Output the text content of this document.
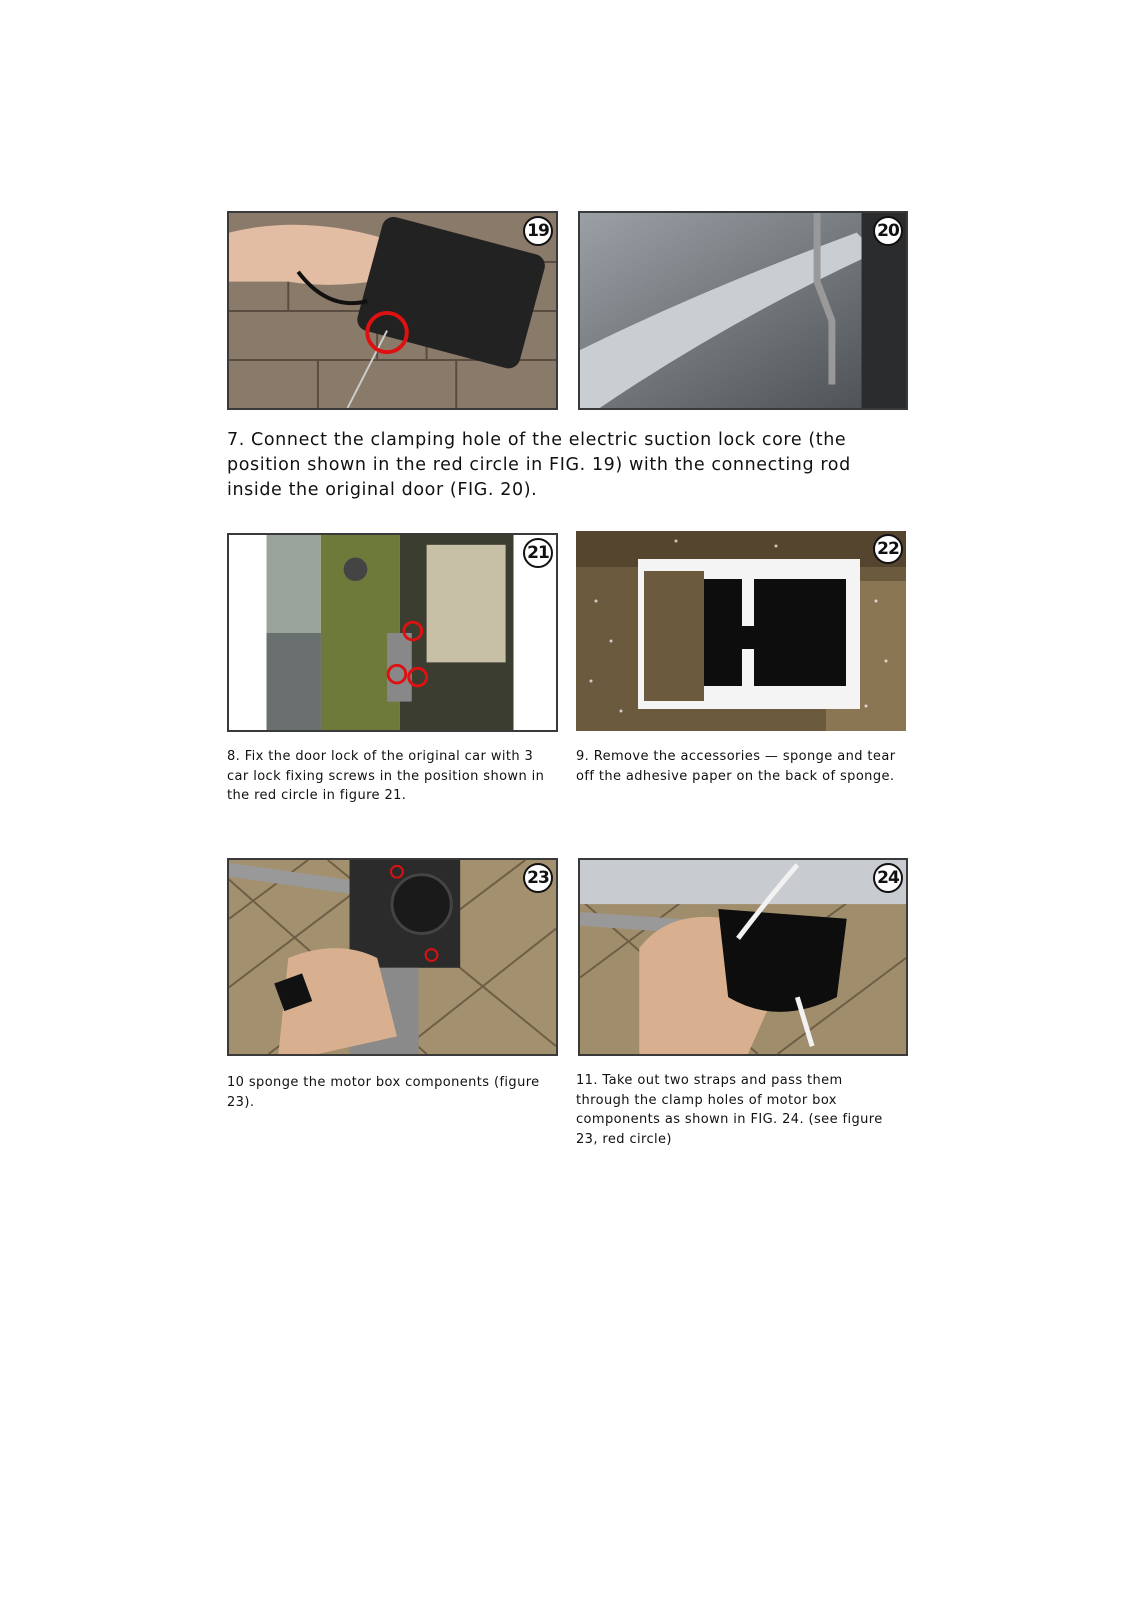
19	20

7. Connect the clamping hole of the electric suction lock core (the position shown in the red circle in FIG. 19) with the connecting rod inside the original door (FIG. 20).

21	22

8. Fix the door lock of the original car with 3 car lock fixing screws in the position shown in the red circle in figure 21.

9. Remove the accessories — sponge and tear off the adhesive paper on the back of sponge.

23	24

10 sponge the motor box components (figure 23).

11. Take out two straps and pass them through the clamp holes of motor box components as shown in FIG. 24. (see figure 23, red circle)
